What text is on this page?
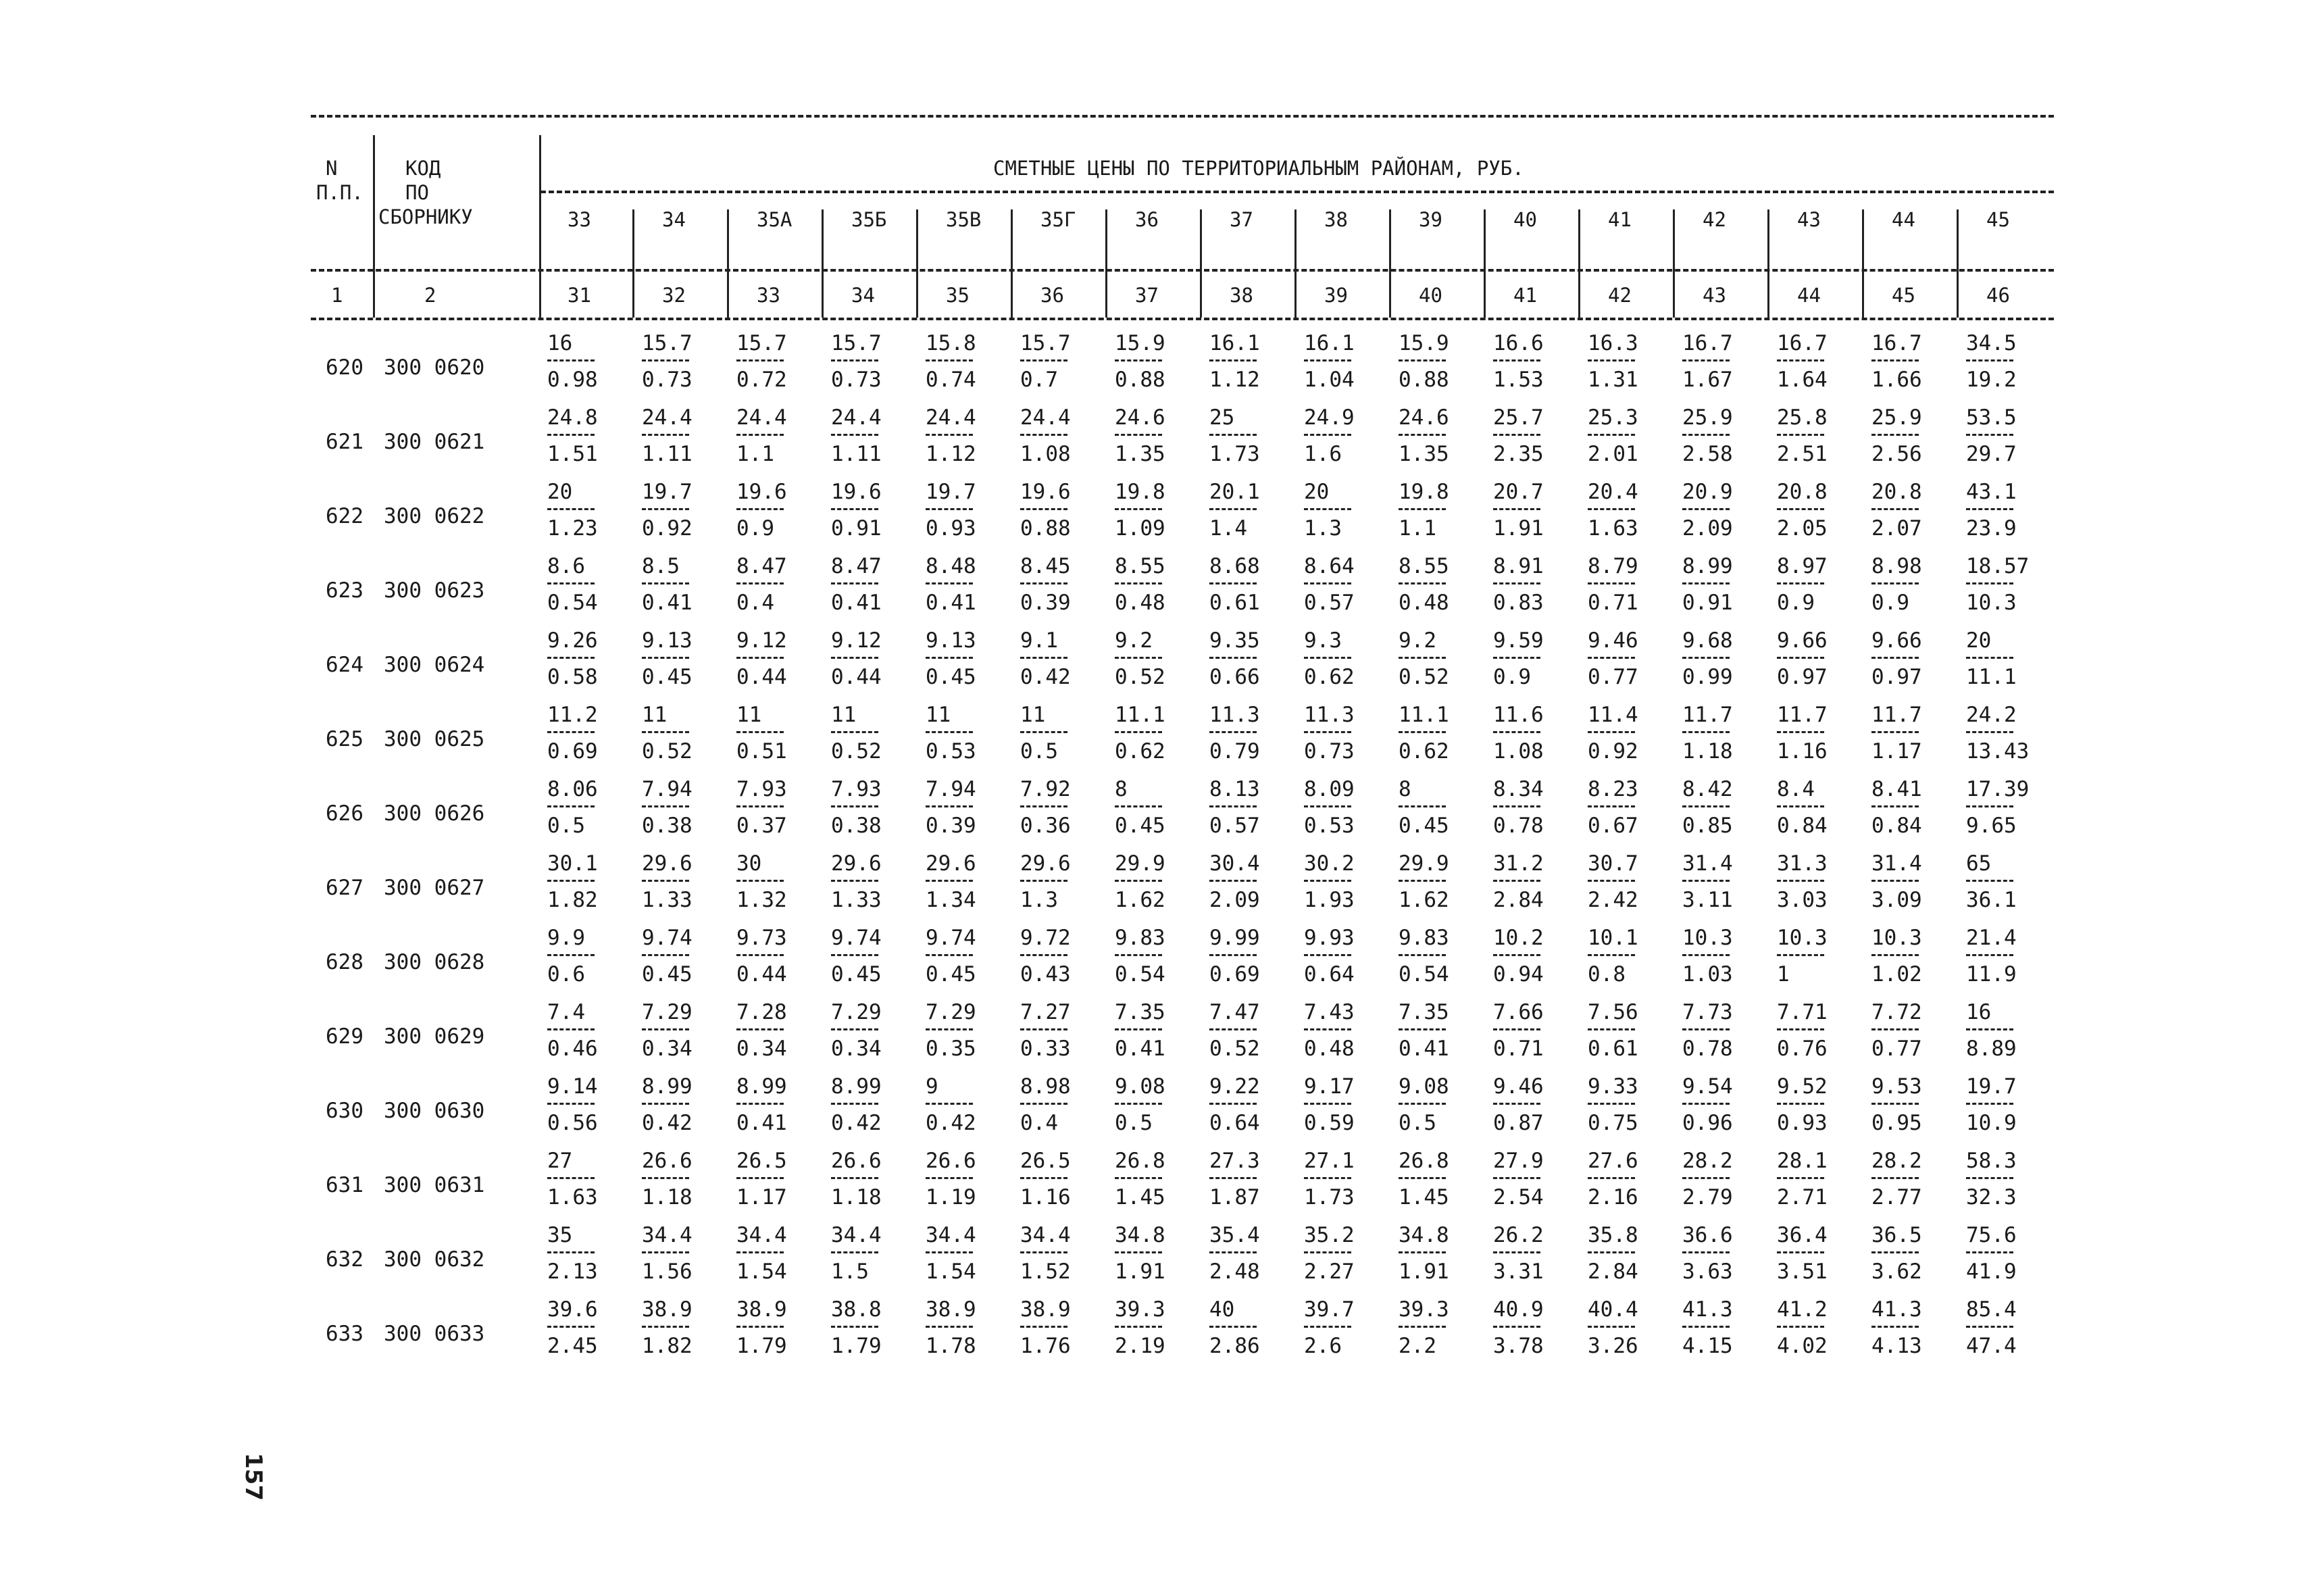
N
П.П.
КОД
ПО
СБОРНИКУ
СМЕТНЫЕ ЦЕНЫ ПО ТЕРРИТОРИАЛЬНЫМ РАЙОНАМ, РУБ.
1	2
33
31
34
32
35А
33
35Б
34
35В
35
35Г
36
36
37
37
38
38
39
39
40
40
41
41
42
42
43
43
44
44
45
45
46
620 300 0620
16
0.98
15.7
0.73
15.7
0.72
15.7
0.73
15.8
0.74
15.7
0.7
15.9
0.88
16.1
1.12
16.1
1.04
15.9
0.88
16.6
1.53
16.3
1.31
16.7
1.67
16.7
1.64
16.7
1.66
34.5
19.2
621 300 0621
24.8
1.51
24.4
1.11
24.4
1.1
24.4
1.11
24.4
1.12
24.4
1.08
24.6
1.35
25
1.73
24.9
1.6
24.6
1.35
25.7
2.35
25.3
2.01
25.9
2.58
25.8
2.51
25.9
2.56
53.5
29.7
622 300 0622
20
1.23
19.7
0.92
19.6
0.9
19.6
0.91
19.7
0.93
19.6
0.88
19.8
1.09
20.1
1.4
20
1.3
19.8
1.1
20.7
1.91
20.4
1.63
20.9
2.09
20.8
2.05
20.8
2.07
43.1
23.9
623 300 0623
8.6
0.54
8.5
0.41
8.47
0.4
8.47
0.41
8.48
0.41
8.45
0.39
8.55
0.48
8.68
0.61
8.64
0.57
8.55
0.48
8.91
0.83
8.79
0.71
8.99
0.91
8.97
0.9
8.98
0.9
18.57
10.3
624 300 0624
9.26
0.58
9.13
0.45
9.12
0.44
9.12
0.44
9.13
0.45
9.1
0.42
9.2
0.52
9.35
0.66
9.3
0.62
9.2
0.52
9.59
0.9
9.46
0.77
9.68
0.99
9.66
0.97
9.66
0.97
20
11.1
625 300 0625
11.2
0.69
11
0.52
11
0.51
11
0.52
11
0.53
11
0.5
11.1
0.62
11.3
0.79
11.3
0.73
11.1
0.62
11.6
1.08
11.4
0.92
11.7
1.18
11.7
1.16
11.7
1.17
24.2
13.43
626 300 0626
8.06
0.5
7.94
0.38
7.93
0.37
7.93
0.38
7.94
0.39
7.92
0.36
8
0.45
8.13
0.57
8.09
0.53
8
0.45
8.34
0.78
8.23
0.67
8.42
0.85
8.4
0.84
8.41
0.84
17.39
9.65
627 300 0627
30.1
1.82
29.6
1.33
30
1.32
29.6
1.33
29.6
1.34
29.6
1.3
29.9
1.62
30.4
2.09
30.2
1.93
29.9
1.62
31.2
2.84
30.7
2.42
31.4
3.11
31.3
3.03
31.4
3.09
65
36.1
628 300 0628
9.9
0.6
9.74
0.45
9.73
0.44
9.74
0.45
9.74
0.45
9.72
0.43
9.83
0.54
9.99
0.69
9.93
0.64
9.83
0.54
10.2
0.94
10.1
0.8
10.3
1.03
10.3
1
10.3
1.02
21.4
11.9
629 300 0629
7.4
0.46
7.29
0.34
7.28
0.34
7.29
0.34
7.29
0.35
7.27
0.33
7.35
0.41
7.47
0.52
7.43
0.48
7.35
0.41
7.66
0.71
7.56
0.61
7.73
0.78
7.71
0.76
7.72
0.77
16
8.89
630 300 0630
9.14
0.56
8.99
0.42
8.99
0.41
8.99
0.42
9
0.42
8.98
0.4
9.08
0.5
9.22
0.64
9.17
0.59
9.08
0.5
9.46
0.87
9.33
0.75
9.54
0.96
9.52
0.93
9.53
0.95
19.7
10.9
631 300 0631
27
1.63
26.6
1.18
26.5
1.17
26.6
1.18
26.6
1.19
26.5
1.16
26.8
1.45
27.3
1.87
27.1
1.73
26.8
1.45
27.9
2.54
27.6
2.16
28.2
2.79
28.1
2.71
28.2
2.77
58.3
32.3
632 300 0632
35
2.13
34.4
1.56
34.4
1.54
34.4
1.5
34.4
1.54
34.4
1.52
34.8
1.91
35.4
2.48
35.2
2.27
34.8
1.91
26.2
3.31
35.8
2.84
36.6
3.63
36.4
3.51
36.5
3.62
75.6
41.9
633 300 0633
39.6
2.45
38.9
1.82
38.9
1.79
38.8
1.79
38.9
1.78
38.9
1.76
39.3
2.19
40
2.86
39.7
2.6
39.3
2.2
40.9
3.78
40.4
3.26
41.3
4.15
41.2
4.02
41.3
4.13
85.4
47.4
157
